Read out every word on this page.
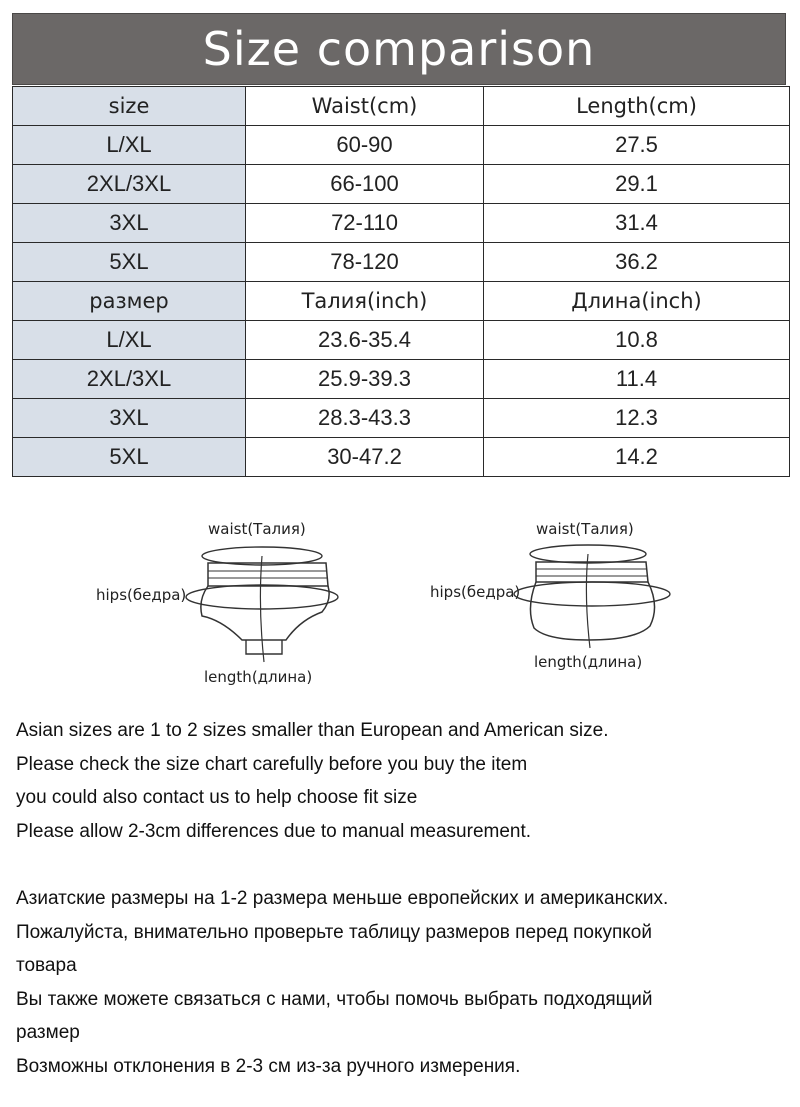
Size comparison
size	Waist(cm)	Length(cm)
L/XL	60-90	27.5
2XL/3XL	66-100	29.1
3XL	72-110	31.4
5XL	78-120	36.2
размер	Талия(inch)	Длина(inch)
L/XL	23.6-35.4	10.8
2XL/3XL	25.9-39.3	11.4
3XL	28.3-43.3	12.3
5XL	30-47.2	14.2
waist(Талия)
hips(бедра)
length(длина)
waist(Талия)
hips(бедра)
length(длина)

Asian sizes are 1 to 2 sizes smaller than European and American size.

Please check the size chart carefully before you buy the item

you could also contact us to help choose fit size

Please allow 2-3cm differences due to manual measurement.

Азиатские размеры на 1-2 размера меньше европейских и американских.

Пожалуйста, внимательно проверьте таблицу размеров перед покупкой

товара

Вы также можете связаться с нами, чтобы помочь выбрать подходящий

размер

Возможны отклонения в 2-3 см из-за ручного измерения.
